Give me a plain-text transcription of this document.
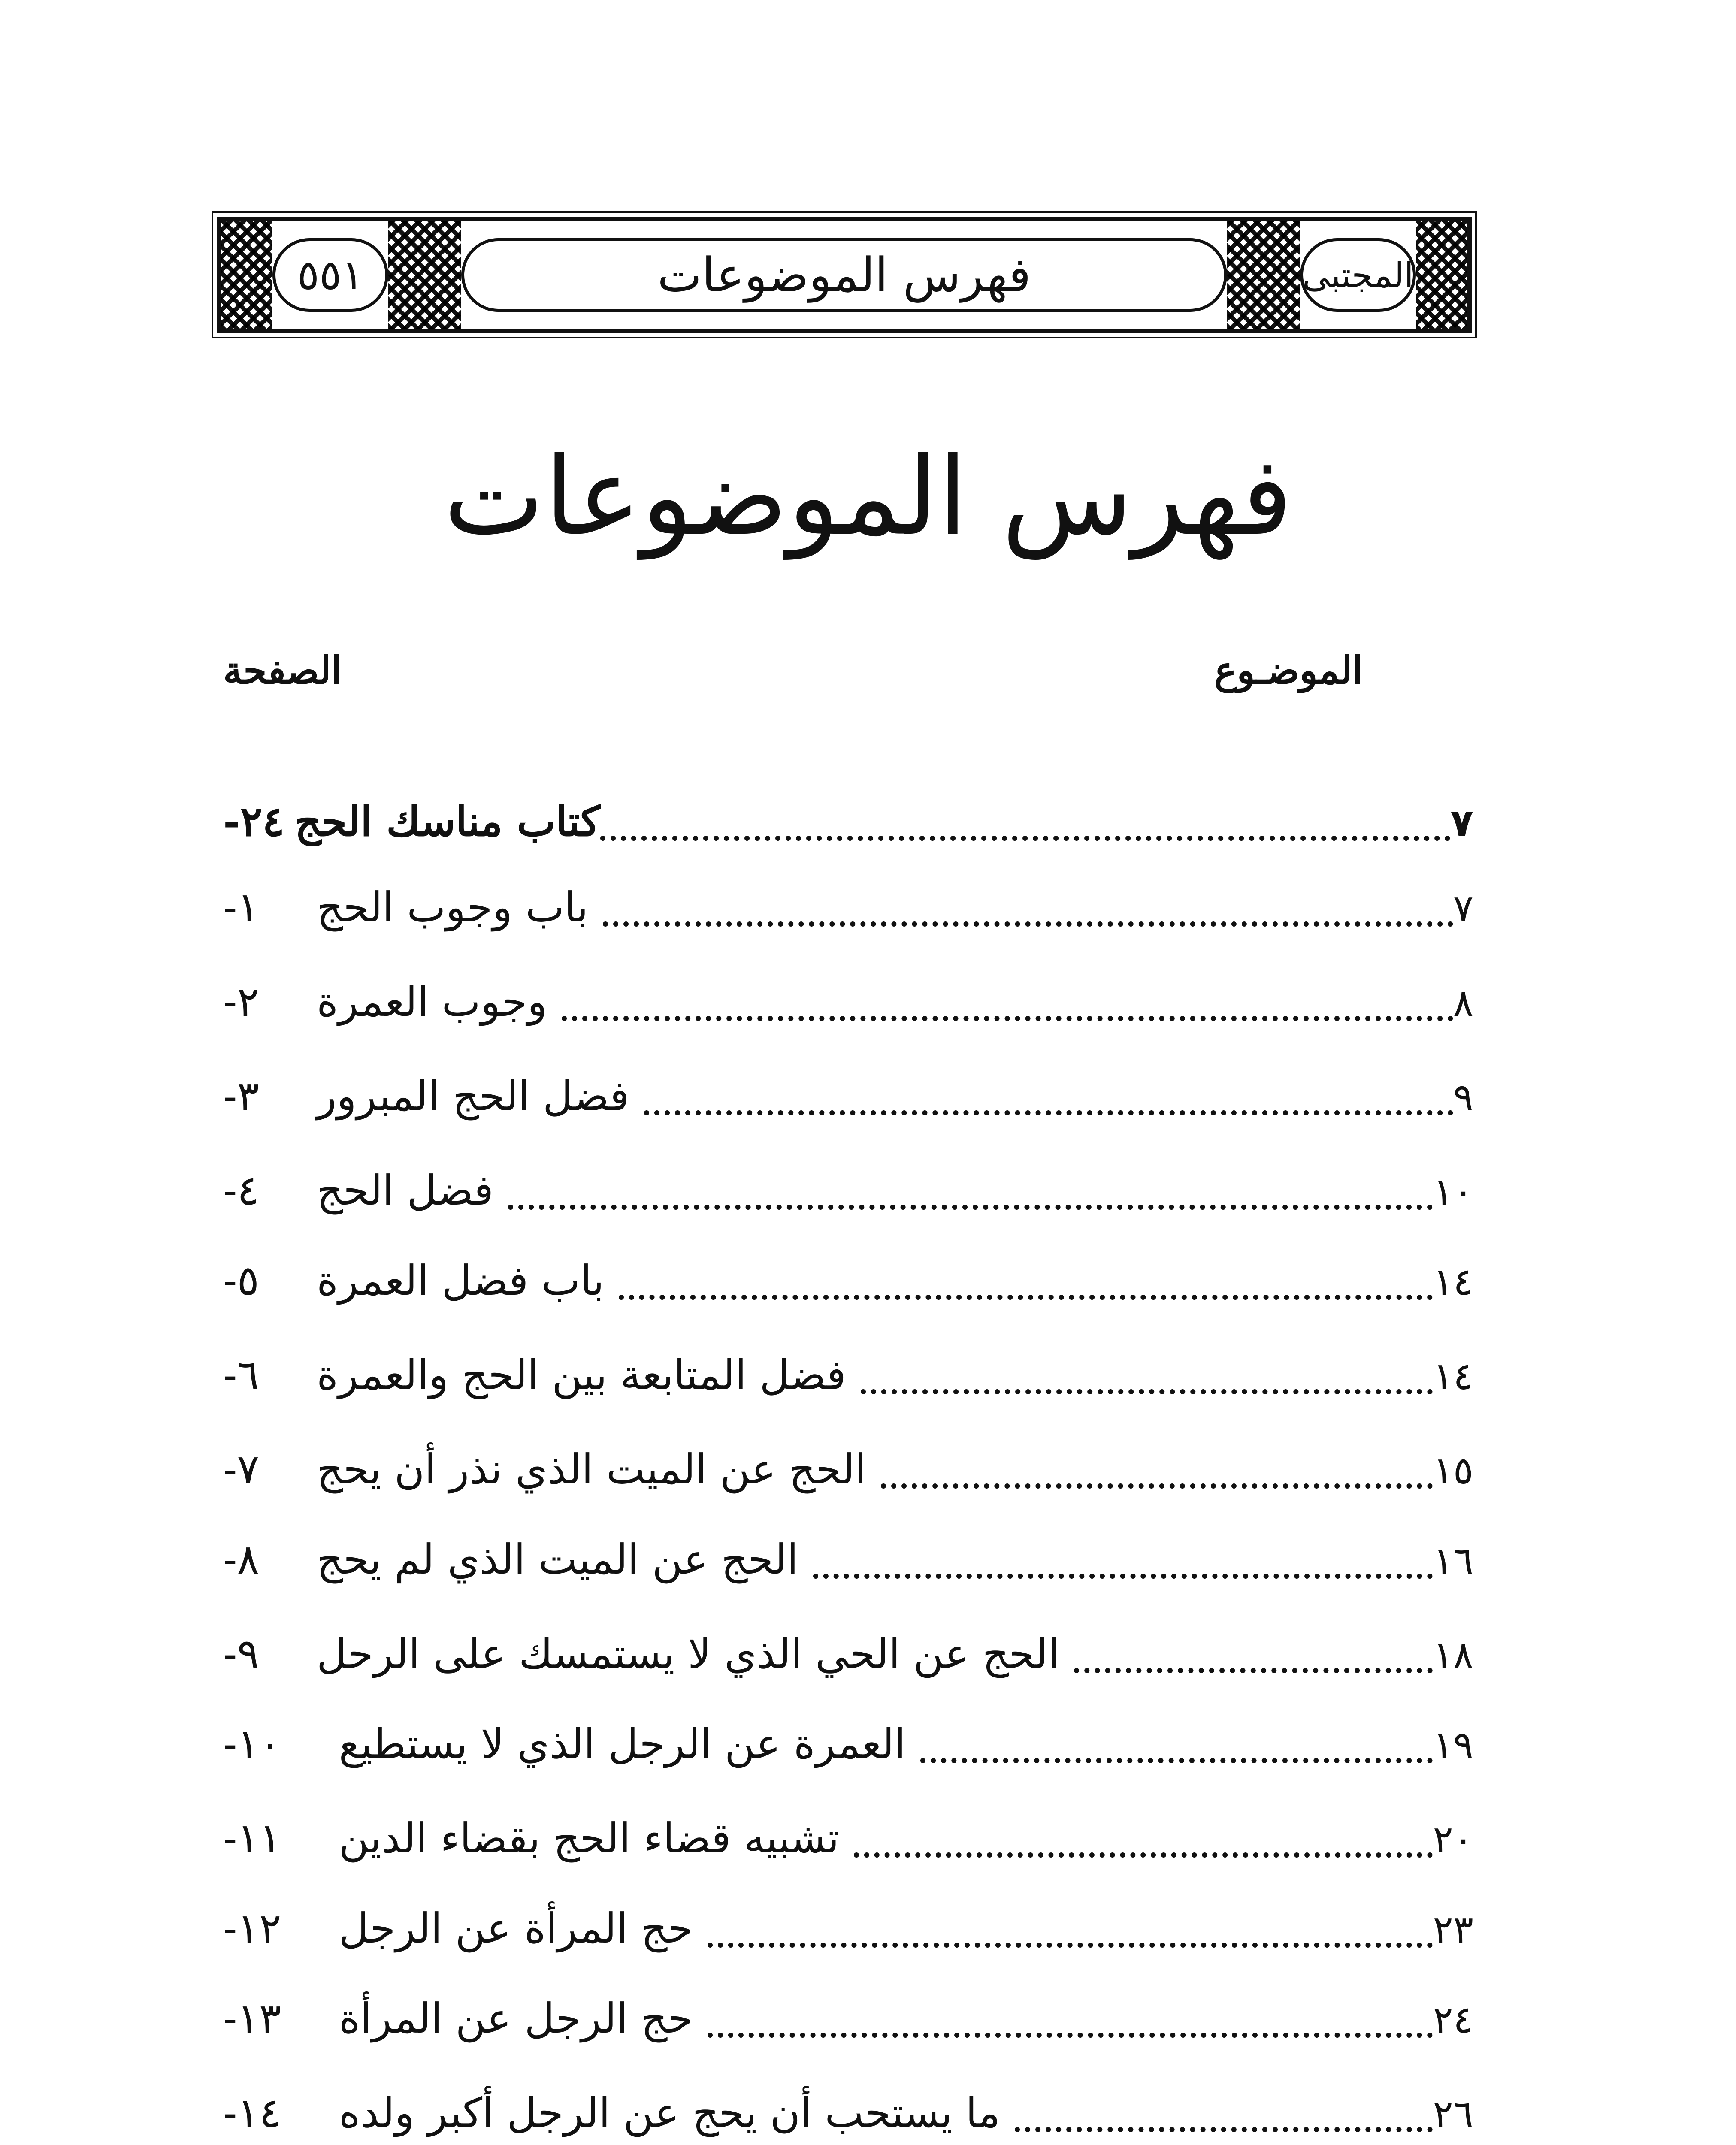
٥٥١	فهرس الموضوعات	المجتبى
فهرس الموضوعات
الموضـوع
الصفحة
٢٤- كتاب مناسك الحج	٧
١-	باب وجوب الحج	٧
٢-	وجوب العمرة	٨
٣-	فضل الحج المبرور	٩
٤-	فضل الحج	١٠
٥-	باب فضل العمرة	١٤
٦-	فضل المتابعة بين الحج والعمرة	١٤
٧-	الحج عن الميت الذي نذر أن يحج	١٥
٨-	الحج عن الميت الذي لم يحج	١٦
٩-	الحج عن الحي الذي لا يستمسك على الرحل	١٨
١٠-	العمرة عن الرجل الذي لا يستطيع	١٩
١١-	تشبيه قضاء الحج بقضاء الدين	٢٠
١٢-	حج المرأة عن الرجل	٢٣
١٣-	حج الرجل عن المرأة	٢٤
١٤-	ما يستحب أن يحج عن الرجل أكبر ولده	٢٦
